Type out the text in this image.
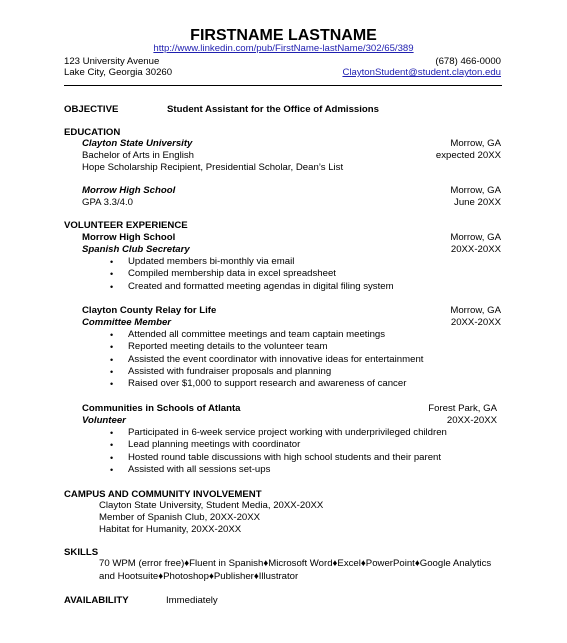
FIRSTNAME LASTNAME
http://www.linkedin.com/pub/FirstName-lastName/302/65/389
123 University Avenue
Lake City, Georgia 30260
(678) 466-0000
ClaytonStudent@student.clayton.edu
OBJECTIVE	Student Assistant for the Office of Admissions
EDUCATION
Clayton State University	Morrow, GA
Bachelor of Arts in English	expected 20XX
Hope Scholarship Recipient, Presidential Scholar, Dean’s List
Morrow High School	Morrow, GA
GPA 3.3/4.0	June 20XX
VOLUNTEER EXPERIENCE
Morrow High School	Morrow, GA
Spanish Club Secretary	20XX-20XX
• Updated members bi-monthly via email
• Compiled membership data in excel spreadsheet
• Created and formatted meeting agendas in digital filing system
Clayton County Relay for Life	Morrow, GA
Committee Member	20XX-20XX
• Attended all committee meetings and team captain meetings
• Reported meeting details to the volunteer team
• Assisted the event coordinator with innovative ideas for entertainment
• Assisted with fundraiser proposals and planning
• Raised over $1,000 to support research and awareness of cancer
Communities in Schools of Atlanta	Forest Park, GA
Volunteer	20XX-20XX
• Participated in 6-week service project working with underprivileged children
• Lead planning meetings with coordinator
• Hosted round table discussions with high school students and their parent
• Assisted with all sessions set-ups
CAMPUS AND COMMUNITY INVOLVEMENT
Clayton State University, Student Media, 20XX-20XX
Member of Spanish Club, 20XX-20XX
Habitat for Humanity, 20XX-20XX
SKILLS
70 WPM (error free)♦Fluent in Spanish♦Microsoft Word♦Excel♦PowerPoint♦Google Analytics and Hootsuite♦Photoshop♦Publisher♦Illustrator
AVAILABILITY	Immediately
